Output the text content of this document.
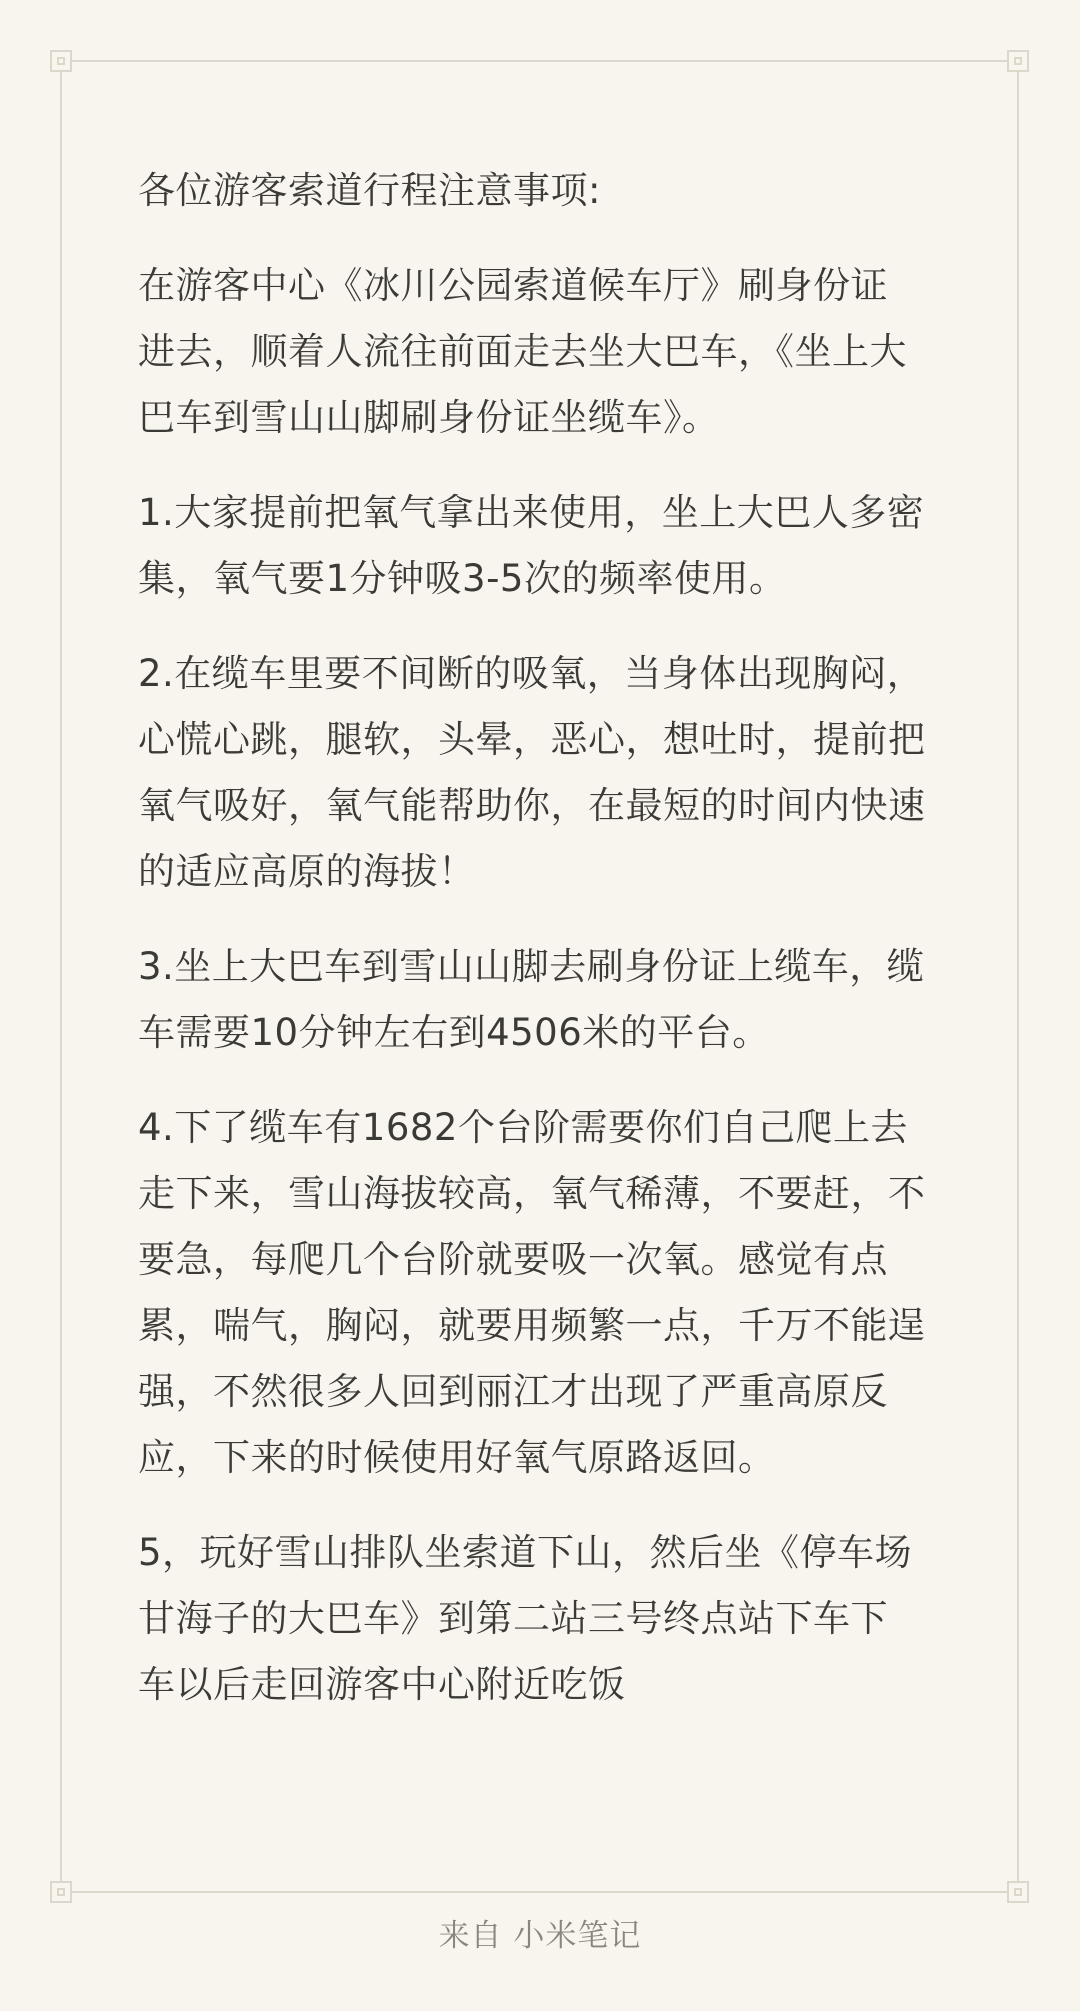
各位游客索道行程注意事项:

在游客中心《冰川公园索道候车厅》刷身份证
进去，顺着人流往前面走去坐大巴车，《坐上大
巴车到雪山山脚刷身份证坐缆车》。

1.大家提前把氧气拿出来使用，坐上大巴人多密
集，氧气要1分钟吸3-5次的频率使用。

2.在缆车里要不间断的吸氧，当身体出现胸闷，
心慌心跳，腿软，头晕，恶心，想吐时，提前把
氧气吸好，氧气能帮助你，在最短的时间内快速
的适应高原的海拔！

3.坐上大巴车到雪山山脚去刷身份证上缆车，缆
车需要10分钟左右到4506米的平台。

4.下了缆车有1682个台阶需要你们自己爬上去
走下来，雪山海拔较高，氧气稀薄，不要赶，不
要急，每爬几个台阶就要吸一次氧。感觉有点
累，喘气，胸闷，就要用频繁一点，千万不能逞
强，不然很多人回到丽江才出现了严重高原反
应，下来的时候使用好氧气原路返回。

5，玩好雪山排队坐索道下山，然后坐《停车场
甘海子的大巴车》到第二站三号终点站下车下
车以后走回游客中心附近吃饭

来自 小米笔记
